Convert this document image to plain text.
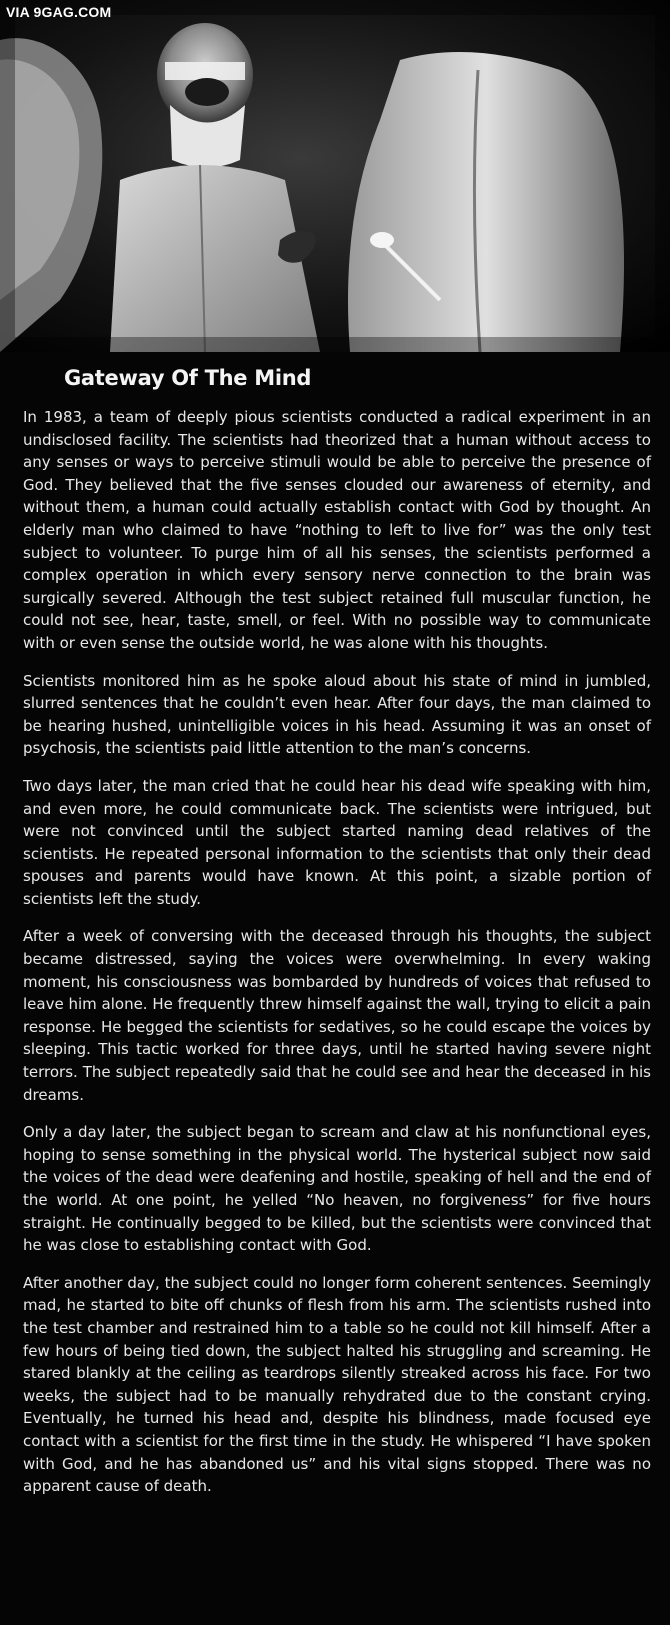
VIA 9GAG.COM
Gateway Of The Mind

In 1983, a team of deeply pious scientists conducted a radical experiment in an undisclosed facility. The scientists had theorized that a human without access to any senses or ways to perceive stimuli would be able to perceive the presence of God. They believed that the five senses clouded our awareness of eternity, and without them, a human could actually establish contact with God by thought. An elderly man who claimed to have “nothing to left to live for” was the only test subject to volunteer. To purge him of all his senses, the scientists performed a complex operation in which every sensory nerve connection to the brain was surgically severed. Although the test subject retained full muscular function, he could not see, hear, taste, smell, or feel. With no possible way to communicate with or even sense the outside world, he was alone with his thoughts.

Scientists monitored him as he spoke aloud about his state of mind in jumbled, slurred sentences that he couldn’t even hear. After four days, the man claimed to be hearing hushed, unintelligible voices in his head. Assuming it was an onset of psychosis, the scientists paid little attention to the man’s concerns.

Two days later, the man cried that he could hear his dead wife speaking with him, and even more, he could communicate back. The scientists were intrigued, but were not convinced until the subject started naming dead relatives of the scientists. He repeated personal information to the scientists that only their dead spouses and parents would have known. At this point, a sizable portion of scientists left the study.

After a week of conversing with the deceased through his thoughts, the subject became distressed, saying the voices were overwhelming. In every waking moment, his consciousness was bombarded by hundreds of voices that refused to leave him alone. He frequently threw himself against the wall, trying to elicit a pain response. He begged the scientists for sedatives, so he could escape the voices by sleeping. This tactic worked for three days, until he started having severe night terrors. The subject repeatedly said that he could see and hear the deceased in his dreams.

Only a day later, the subject began to scream and claw at his nonfunctional eyes, hoping to sense something in the physical world. The hysterical subject now said the voices of the dead were deafening and hostile, speaking of hell and the end of the world. At one point, he yelled “No heaven, no forgiveness” for five hours straight. He continually begged to be killed, but the scientists were convinced that he was close to establishing contact with God.

After another day, the subject could no longer form coherent sentences. Seemingly mad, he started to bite off chunks of flesh from his arm. The scientists rushed into the test chamber and restrained him to a table so he could not kill himself. After a few hours of being tied down, the subject halted his struggling and screaming. He stared blankly at the ceiling as teardrops silently streaked across his face. For two weeks, the subject had to be manually rehydrated due to the constant crying. Eventually, he turned his head and, despite his blindness, made focused eye contact with a scientist for the first time in the study. He whispered “I have spoken with God, and he has abandoned us” and his vital signs stopped. There was no apparent cause of death.
